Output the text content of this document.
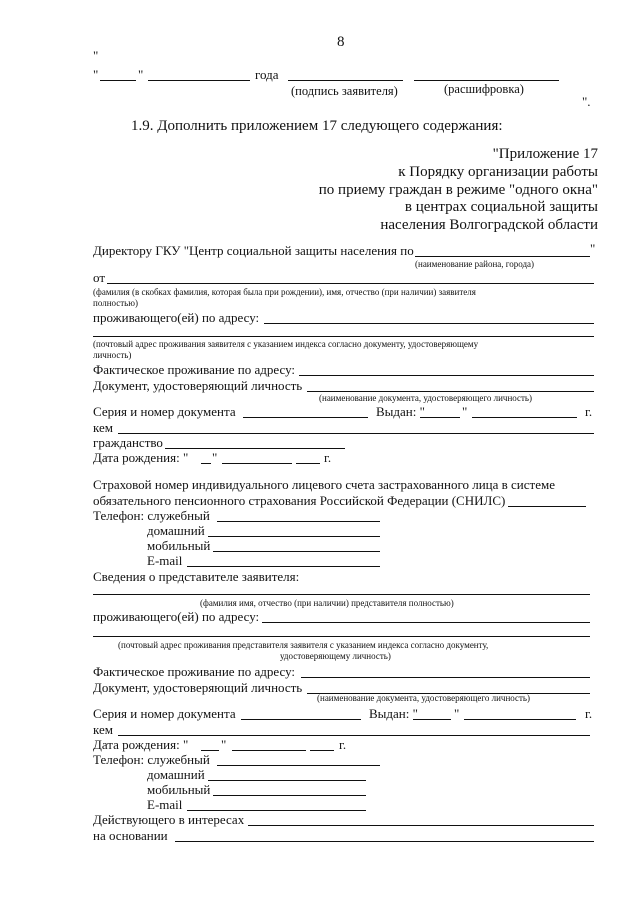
8
"
"	"	года
(подпись заявителя)	(расшифровка)
".
1.9. Дополнить приложением 17 следующего содержания:
"Приложение 17
к Порядку организации работы
по приему граждан в режиме "одного окна"
в центрах социальной защиты
населения Волгоградской области
Директору ГКУ "Центр социальной защиты населения по	"
(наименование района, города)
от
(фамилия (в скобках фамилия, которая была при рождении), имя, отчество (при наличии) заявителя
полностью)
проживающего(ей) по адресу:
(почтовый адрес проживания заявителя с указанием индекса согласно документу, удостоверяющему
личность)
Фактическое проживание по адресу:
Документ, удостоверяющий личность
(наименование документа, удостоверяющего личность)
Серия и номер документа	Выдан: "	"	г.
кем
гражданство
Дата рождения: " "	г.
Страховой номер индивидуального лицевого счета застрахованного лица в системе
обязательного пенсионного страхования Российской Федерации (СНИЛС)
Телефон: служебный
домашний
мобильный
E-mail
Сведения о представителе заявителя:
(фамилия имя, отчество (при наличии) представителя полностью)
проживающего(ей) по адресу:
(почтовый адрес проживания представителя заявителя с указанием индекса согласно документу,
удостоверяющему личность)
Фактическое проживание по адресу:
Документ, удостоверяющий личность
(наименование документа, удостоверяющего личность)
Серия и номер документа	Выдан: "	"	г.
кем
Дата рождения: "	"	г.
Телефон: служебный
домашний
мобильный
E-mail
Действующего в интересах
на основании
